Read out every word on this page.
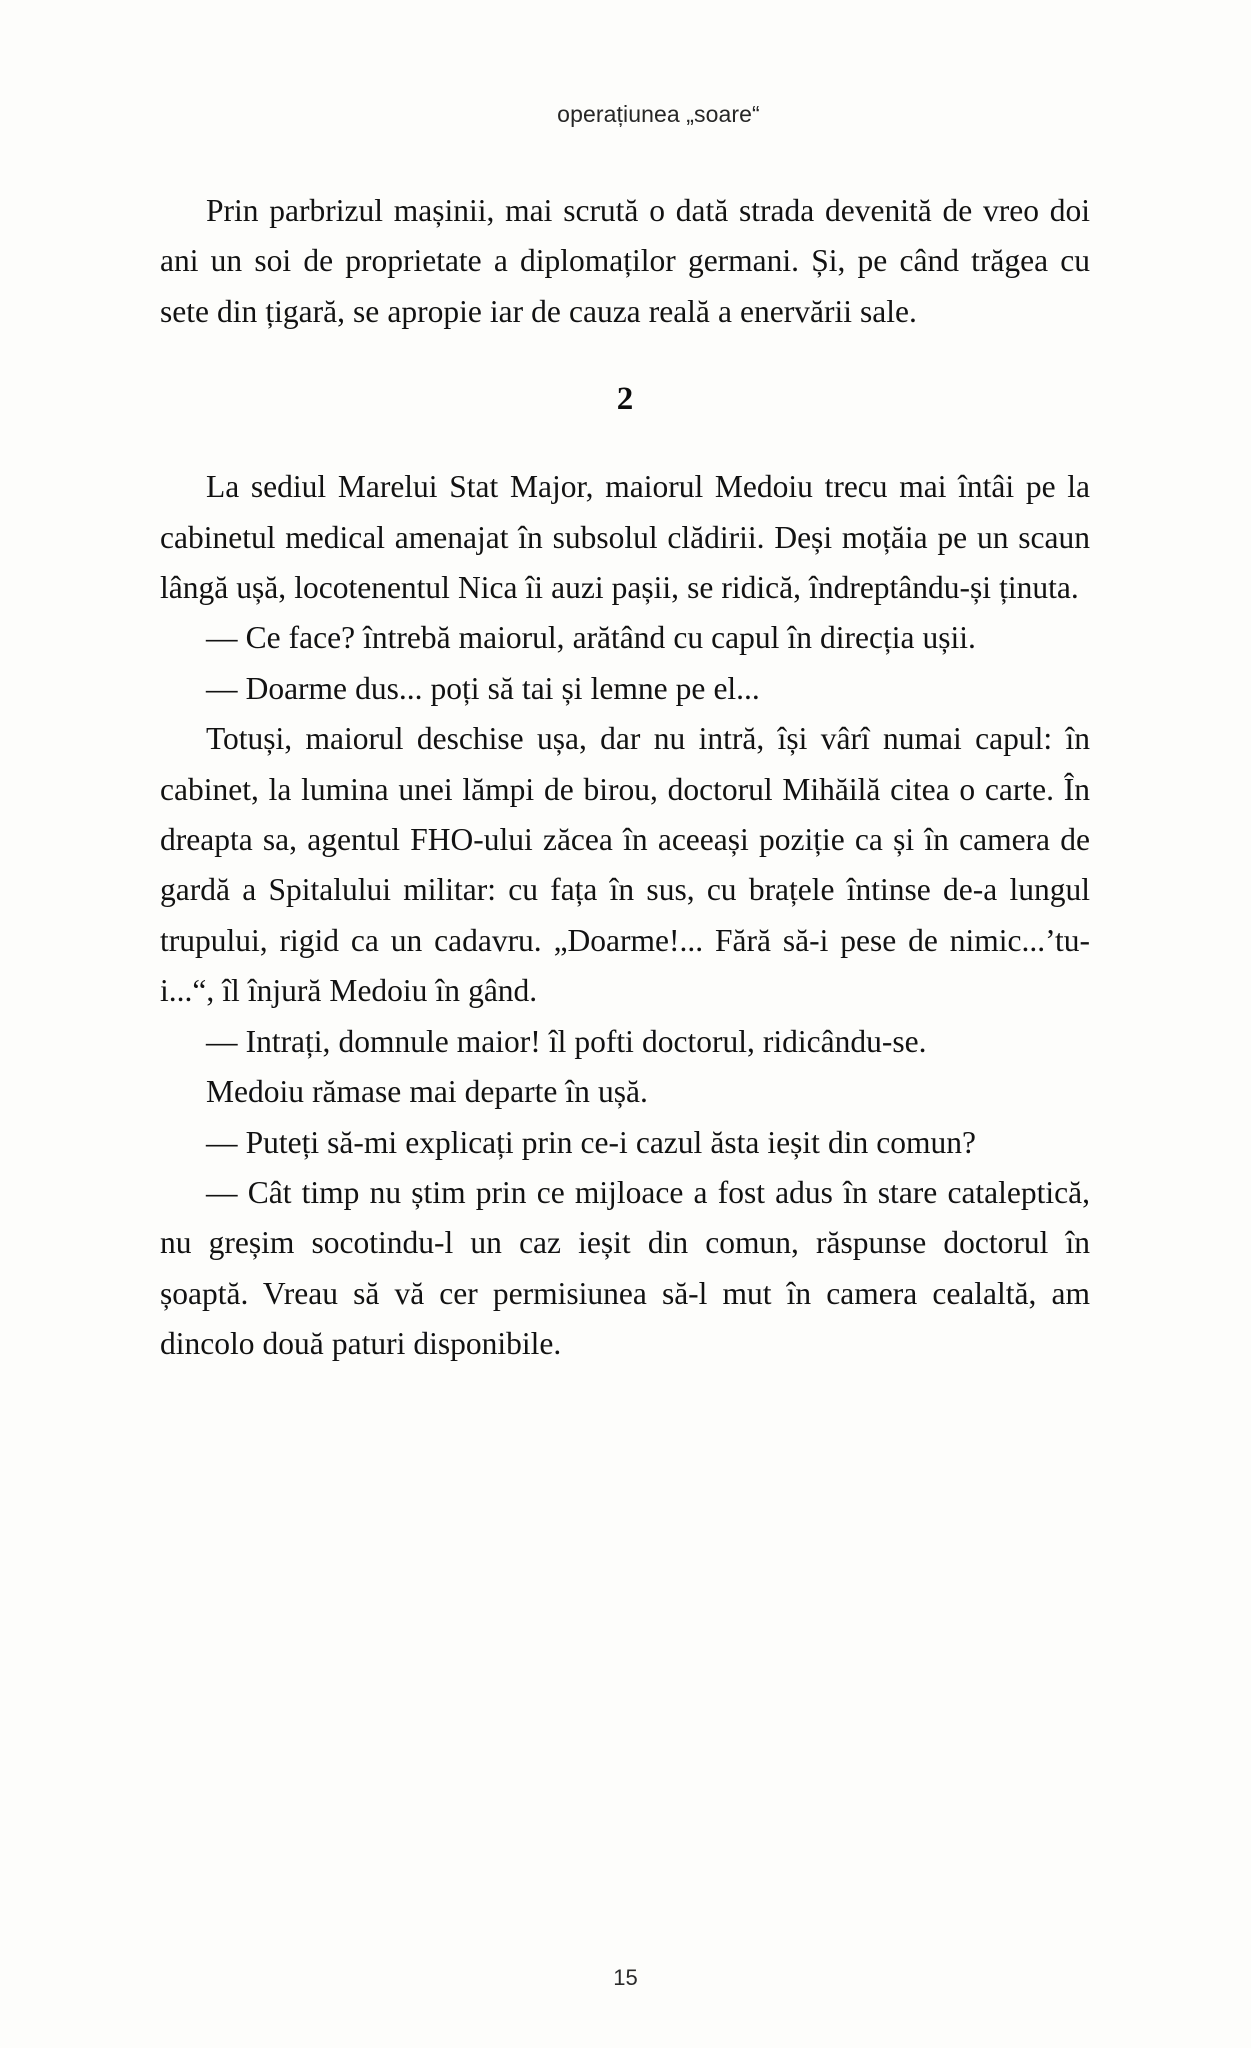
operațiunea „soare“

Prin parbrizul mașinii, mai scrută o dată strada devenită de vreo doi ani un soi de proprietate a diplomaților germani. Și, pe când trăgea cu sete din țigară, se apropie iar de cauza reală a enervării sale.

2

La sediul Marelui Stat Major, maiorul Medoiu trecu mai întâi pe la cabinetul medical amenajat în subsolul clădirii. Deși moțăia pe un scaun lângă ușă, locotenentul Nica îi auzi pașii, se ridică, îndreptându-și ținuta.

— Ce face? întrebă maiorul, arătând cu capul în direcția ușii.

— Doarme dus... poți să tai și lemne pe el...

Totuși, maiorul deschise ușa, dar nu intră, își vârî numai capul: în cabinet, la lumina unei lămpi de birou, doctorul Mihăilă citea o carte. În dreapta sa, agentul FHO-ului zăcea în aceeași poziție ca și în camera de gardă a Spitalului militar: cu fața în sus, cu brațele întinse de-a lungul trupului, rigid ca un cadavru. „Doarme!... Fără să-i pese de nimic...’tu-i...“, îl înjură Medoiu în gând.

— Intrați, domnule maior! îl pofti doctorul, ridicându-se.

Medoiu rămase mai departe în ușă.

— Puteți să-mi explicați prin ce-i cazul ăsta ieșit din comun?

— Cât timp nu știm prin ce mijloace a fost adus în stare cataleptică, nu greșim socotindu-l un caz ieșit din comun, răspunse doctorul în șoaptă. Vreau să vă cer permisiunea să-l mut în camera cealaltă, am dincolo două paturi disponibile.

15
